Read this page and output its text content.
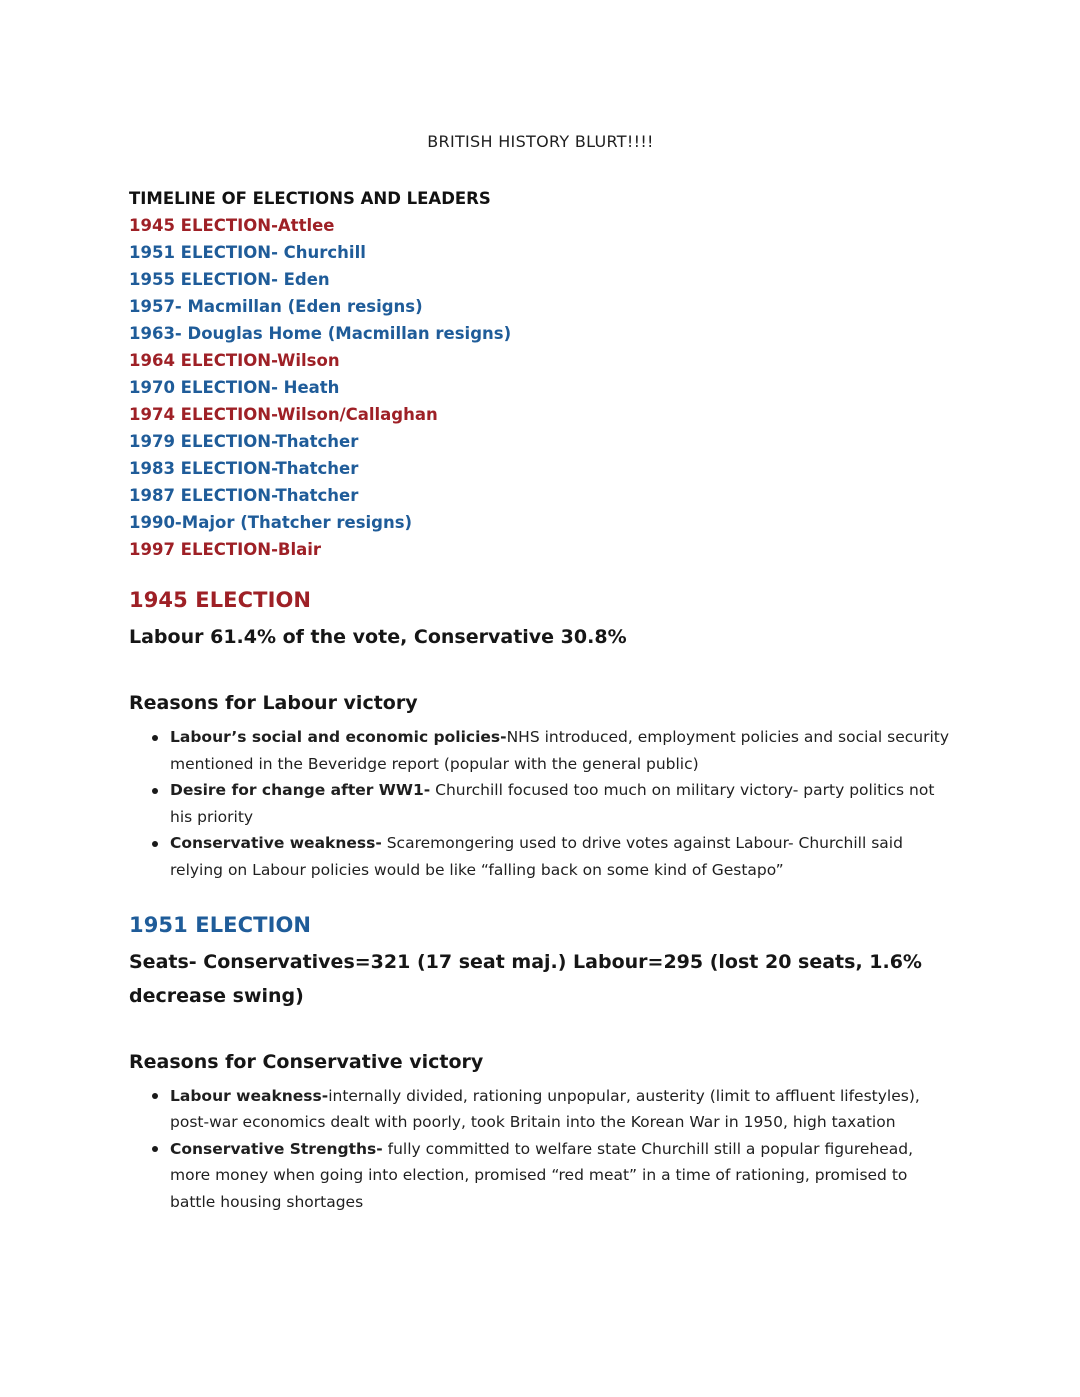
BRITISH HISTORY BLURT!!!!
TIMELINE OF ELECTIONS AND LEADERS
1945 ELECTION-Attlee
1951 ELECTION- Churchill
1955 ELECTION- Eden
1957- Macmillan (Eden resigns)
1963- Douglas Home (Macmillan resigns)
1964 ELECTION-Wilson
1970 ELECTION- Heath
1974 ELECTION-Wilson/Callaghan
1979 ELECTION-Thatcher
1983 ELECTION-Thatcher
1987 ELECTION-Thatcher
1990-Major (Thatcher resigns)
1997 ELECTION-Blair
1945 ELECTION

Labour 61.4% of the vote, Conservative 30.8%

Reasons for Labour victory
Labour’s social and economic policies-NHS introduced, employment policies and social security mentioned in the Beveridge report (popular with the general public)
Desire for change after WW1- Churchill focused too much on military victory- party politics not his priority
Conservative weakness- Scaremongering used to drive votes against Labour- Churchill said relying on Labour policies would be like “falling back on some kind of Gestapo”
1951 ELECTION

Seats- Conservatives=321 (17 seat maj.) Labour=295 (lost 20 seats, 1.6% decrease swing)

Reasons for Conservative victory
Labour weakness-internally divided, rationing unpopular, austerity (limit to affluent lifestyles), post-war economics dealt with poorly, took Britain into the Korean War in 1950, high taxation
Conservative Strengths- fully committed to welfare state Churchill still a popular figurehead, more money when going into election, promised “red meat” in a time of rationing, promised to battle housing shortages
